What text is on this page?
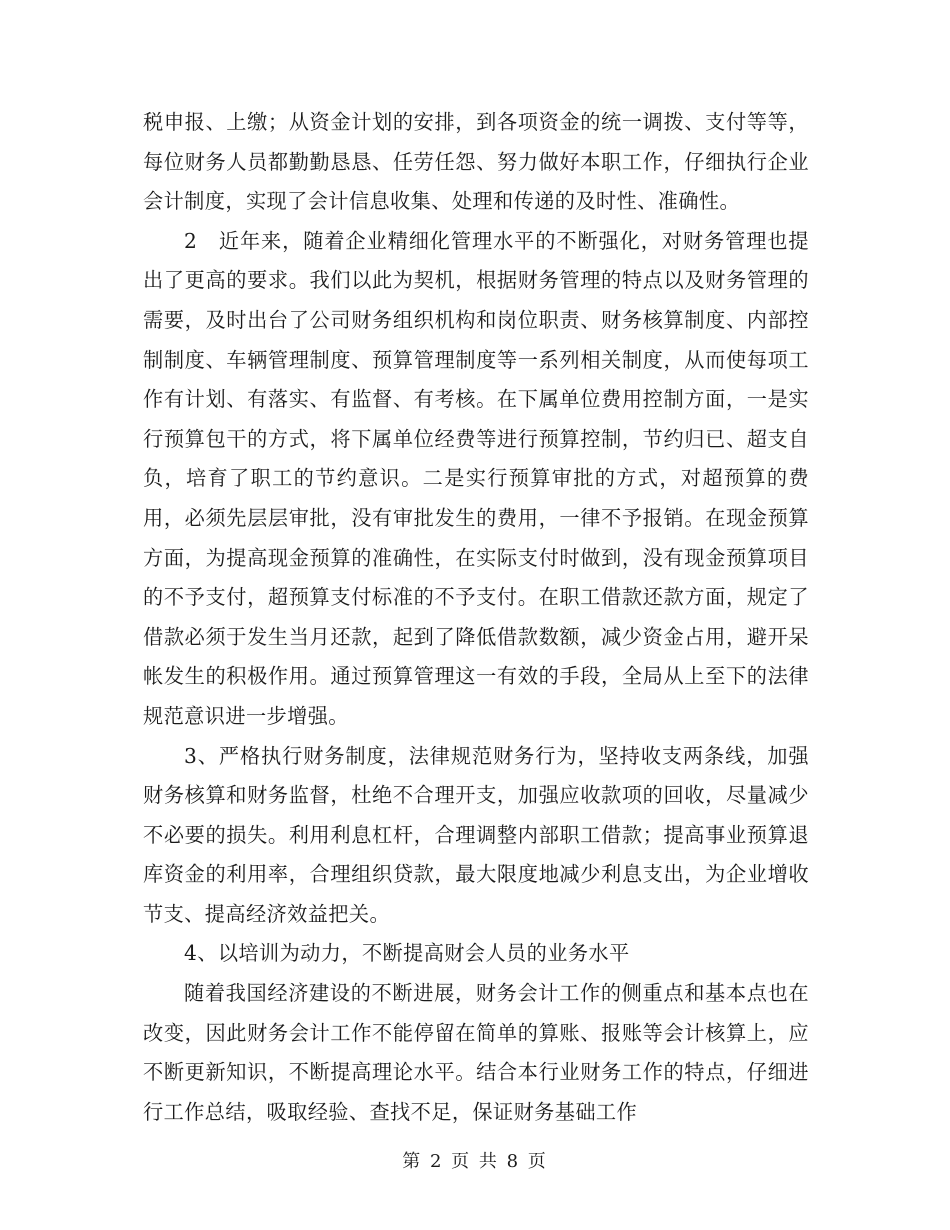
税申报、上缴；从资金计划的安排，到各项资金的统一调拨、支付等等，每位财务人员都勤勤恳恳、任劳任怨、努力做好本职工作，仔细执行企业会计制度，实现了会计信息收集、处理和传递的及时性、准确性。

2　近年来，随着企业精细化管理水平的不断强化，对财务管理也提出了更高的要求。我们以此为契机，根据财务管理的特点以及财务管理的需要，及时出台了公司财务组织机构和岗位职责、财务核算制度、内部控制制度、车辆管理制度、预算管理制度等一系列相关制度，从而使每项工作有计划、有落实、有监督、有考核。在下属单位费用控制方面，一是实行预算包干的方式，将下属单位经费等进行预算控制，节约归已、超支自负，培育了职工的节约意识。二是实行预算审批的方式，对超预算的费用，必须先层层审批，没有审批发生的费用，一律不予报销。在现金预算方面，为提高现金预算的准确性，在实际支付时做到，没有现金预算项目的不予支付，超预算支付标准的不予支付。在职工借款还款方面，规定了借款必须于发生当月还款，起到了降低借款数额，减少资金占用，避开呆帐发生的积极作用。通过预算管理这一有效的手段，全局从上至下的法律规范意识进一步增强。

3、严格执行财务制度，法律规范财务行为，坚持收支两条线，加强财务核算和财务监督，杜绝不合理开支，加强应收款项的回收，尽量减少不必要的损失。利用利息杠杆，合理调整内部职工借款；提高事业预算退库资金的利用率，合理组织贷款，最大限度地减少利息支出，为企业增收节支、提高经济效益把关。

4、以培训为动力，不断提高财会人员的业务水平

随着我国经济建设的不断进展，财务会计工作的侧重点和基本点也在改变，因此财务会计工作不能停留在简单的算账、报账等会计核算上，应不断更新知识，不断提高理论水平。结合本行业财务工作的特点，仔细进行工作总结，吸取经验、查找不足，保证财务基础工作

第 2 页 共 8 页
